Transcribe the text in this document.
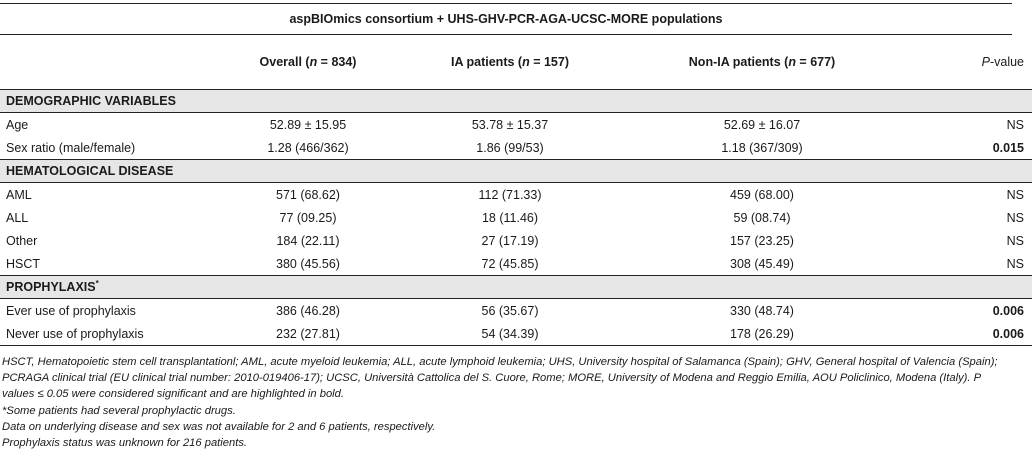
aspBIOmics consortium + UHS-GHV-PCR-AGA-UCSC-MORE populations
	Overall (n = 834)	IA patients (n = 157)	Non-IA patients (n = 677)	P-value
DEMOGRAPHIC VARIABLES				
Age	52.89 ± 15.95	53.78 ± 15.37	52.69 ± 16.07	NS
Sex ratio (male/female)	1.28 (466/362)	1.86 (99/53)	1.18 (367/309)	0.015
HEMATOLOGICAL DISEASE				
AML	571 (68.62)	112 (71.33)	459 (68.00)	NS
ALL	77 (09.25)	18 (11.46)	59 (08.74)	NS
Other	184 (22.11)	27 (17.19)	157 (23.25)	NS
HSCT	380 (45.56)	72 (45.85)	308 (45.49)	NS
PROPHYLAXIS*
Ever use of prophylaxis	386 (46.28)	56 (35.67)	330 (48.74)	0.006
Never use of prophylaxis	232 (27.81)	54 (34.39)	178 (26.29)	0.006

HSCT, Hematopoietic stem cell transplantationl; AML, acute myeloid leukemia; ALL, acute lymphoid leukemia; UHS, University hospital of Salamanca (Spain); GHV, General hospital of Valencia (Spain); PCRAGA clinical trial (EU clinical trial number: 2010-019406-17); UCSC, Università Cattolica del S. Cuore, Rome; MORE, University of Modena and Reggio Emilia, AOU Policlinico, Modena (Italy). P values ≤ 0.05 were considered significant and are highlighted in bold.

*Some patients had several prophylactic drugs.

Data on underlying disease and sex was not available for 2 and 6 patients, respectively.

Prophylaxis status was unknown for 216 patients.
